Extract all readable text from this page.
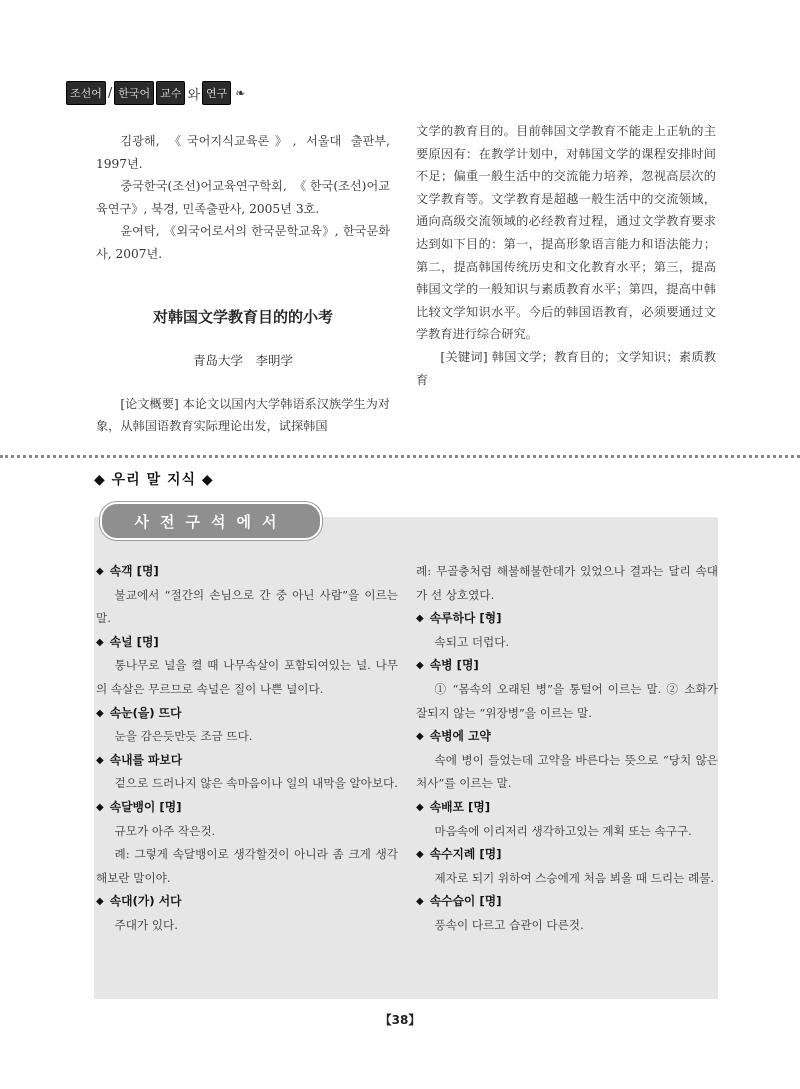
조선어 / 한국어 교수 와 연구 ❧

김광해, 《국어지식교육론》, 서울대 출판부, 1997년.

중국한국(조선)어교육연구학회, 《한국(조선)어교육연구》, 북경, 민족출판사, 2005년 3호.

윤여탁, 《외국어로서의 한국문학교육》, 한국문화사, 2007년.

对韩国文学教育目的的小考

青岛大学　李明学

[论文概要] 本论文以国内大学韩语系汉族学生为对象，从韩国语教育实际理论出发，试探韩国

文学的教育目的。目前韩国文学教育不能走上正轨的主要原因有：在教学计划中，对韩国文学的课程安排时间不足；偏重一般生活中的交流能力培养，忽视高层次的文学教育等。文学教育是超越一般生活中的交流领域，通向高级交流领域的必经教育过程，通过文学教育要求达到如下目的：第一，提高形象语言能力和语法能力；第二，提高韩国传统历史和文化教育水平；第三，提高韩国文学的一般知识与素质教育水平；第四，提高中韩比较文学知识水平。今后的韩国语教育，必须要通过文学教育进行综合研究。

[关键词] 韩国文学；教育目的；文学知识；素质教育

◆ 우리 말 지식 ◆
사전구석에서
◆ 속객 [명]

불교에서 “절간의 손님으로 간 중 아닌 사람”을 이르는 말.

◆ 속널 [명]

통나무로 널을 켤 때 나무속살이 포함되여있는 널. 나무의 속살은 무르므로 속널은 질이 나쁜 널이다.

◆ 속눈(을) 뜨다

눈을 감은듯만듯 조금 뜨다.

◆ 속내를 파보다

겉으로 드러나지 않은 속마음이나 일의 내막을 알아보다.

◆ 속달뱅이 [명]

규모가 아주 작은것.

례: 그렇게 속달뱅이로 생각할것이 아니라 좀 크게 생각해보란 말이야.

◆ 속대(가) 서다

주대가 있다.

례: 무골충처럼 해불해불한데가 있었으나 결과는 달리 속대가 선 상호였다.

◆ 속루하다 [형]

속되고 더럽다.

◆ 속병 [명]

① “몸속의 오래된 병”을 통털어 이르는 말. ② 소화가 잘되지 않는 “위장병”을 이르는 말.

◆ 속병에 고약

속에 병이 들었는데 고약을 바른다는 뜻으로 “당치 않은 처사”를 이르는 말.

◆ 속배포 [명]

마음속에 이리저리 생각하고있는 계획 또는 속구구.

◆ 속수지례 [명]

제자로 되기 위하여 스승에게 처음 뵈올 때 드리는 례물.

◆ 속수습이 [명]

풍속이 다르고 습관이 다른것.

【38】
